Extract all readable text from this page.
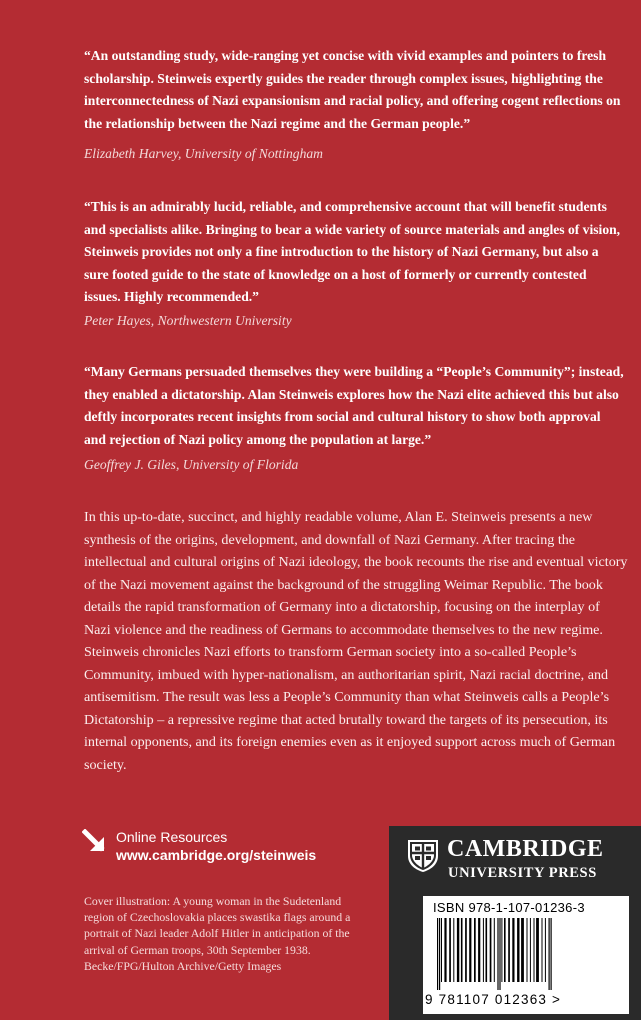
“An outstanding study, wide-ranging yet concise with vivid examples and pointers to fresh scholarship. Steinweis expertly guides the reader through complex issues, highlighting the interconnectedness of Nazi expansionism and racial policy, and offering cogent reflections on the relationship between the Nazi regime and the German people.”
Elizabeth Harvey, University of Nottingham
“This is an admirably lucid, reliable, and comprehensive account that will benefit students and specialists alike. Bringing to bear a wide variety of source materials and angles of vision, Steinweis provides not only a fine introduction to the history of Nazi Germany, but also a sure footed guide to the state of knowledge on a host of formerly or currently contested issues. Highly recommended.”
Peter Hayes, Northwestern University
“Many Germans persuaded themselves they were building a “People’s Community”; instead, they enabled a dictatorship. Alan Steinweis explores how the Nazi elite achieved this but also deftly incorporates recent insights from social and cultural history to show both approval and rejection of Nazi policy among the population at large.”
Geoffrey J. Giles, University of Florida
In this up-to-date, succinct, and highly readable volume, Alan E. Steinweis presents a new synthesis of the origins, development, and downfall of Nazi Germany. After tracing the intellectual and cultural origins of Nazi ideology, the book recounts the rise and eventual victory of the Nazi movement against the background of the struggling Weimar Republic. The book details the rapid transformation of Germany into a dictatorship, focusing on the interplay of Nazi violence and the readiness of Germans to accommodate themselves to the new regime. Steinweis chronicles Nazi efforts to transform German society into a so-called People’s Community, imbued with hyper-nationalism, an authoritarian spirit, Nazi racial doctrine, and antisemitism. The result was less a People’s Community than what Steinweis calls a People’s Dictatorship – a repressive regime that acted brutally toward the targets of its persecution, its internal opponents, and its foreign enemies even as it enjoyed support across much of German society.
Online Resources
www.cambridge.org/steinweis
Cover illustration: A young woman in the Sudetenland region of Czechoslovakia places swastika flags around a portrait of Nazi leader Adolf Hitler in anticipation of the arrival of German troops, 30th September 1938. Becke/FPG/Hulton Archive/Getty Images
CAMBRIDGE
UNIVERSITY PRESS
ISBN 978-1-107-01236-3
9 781107 012363 >
